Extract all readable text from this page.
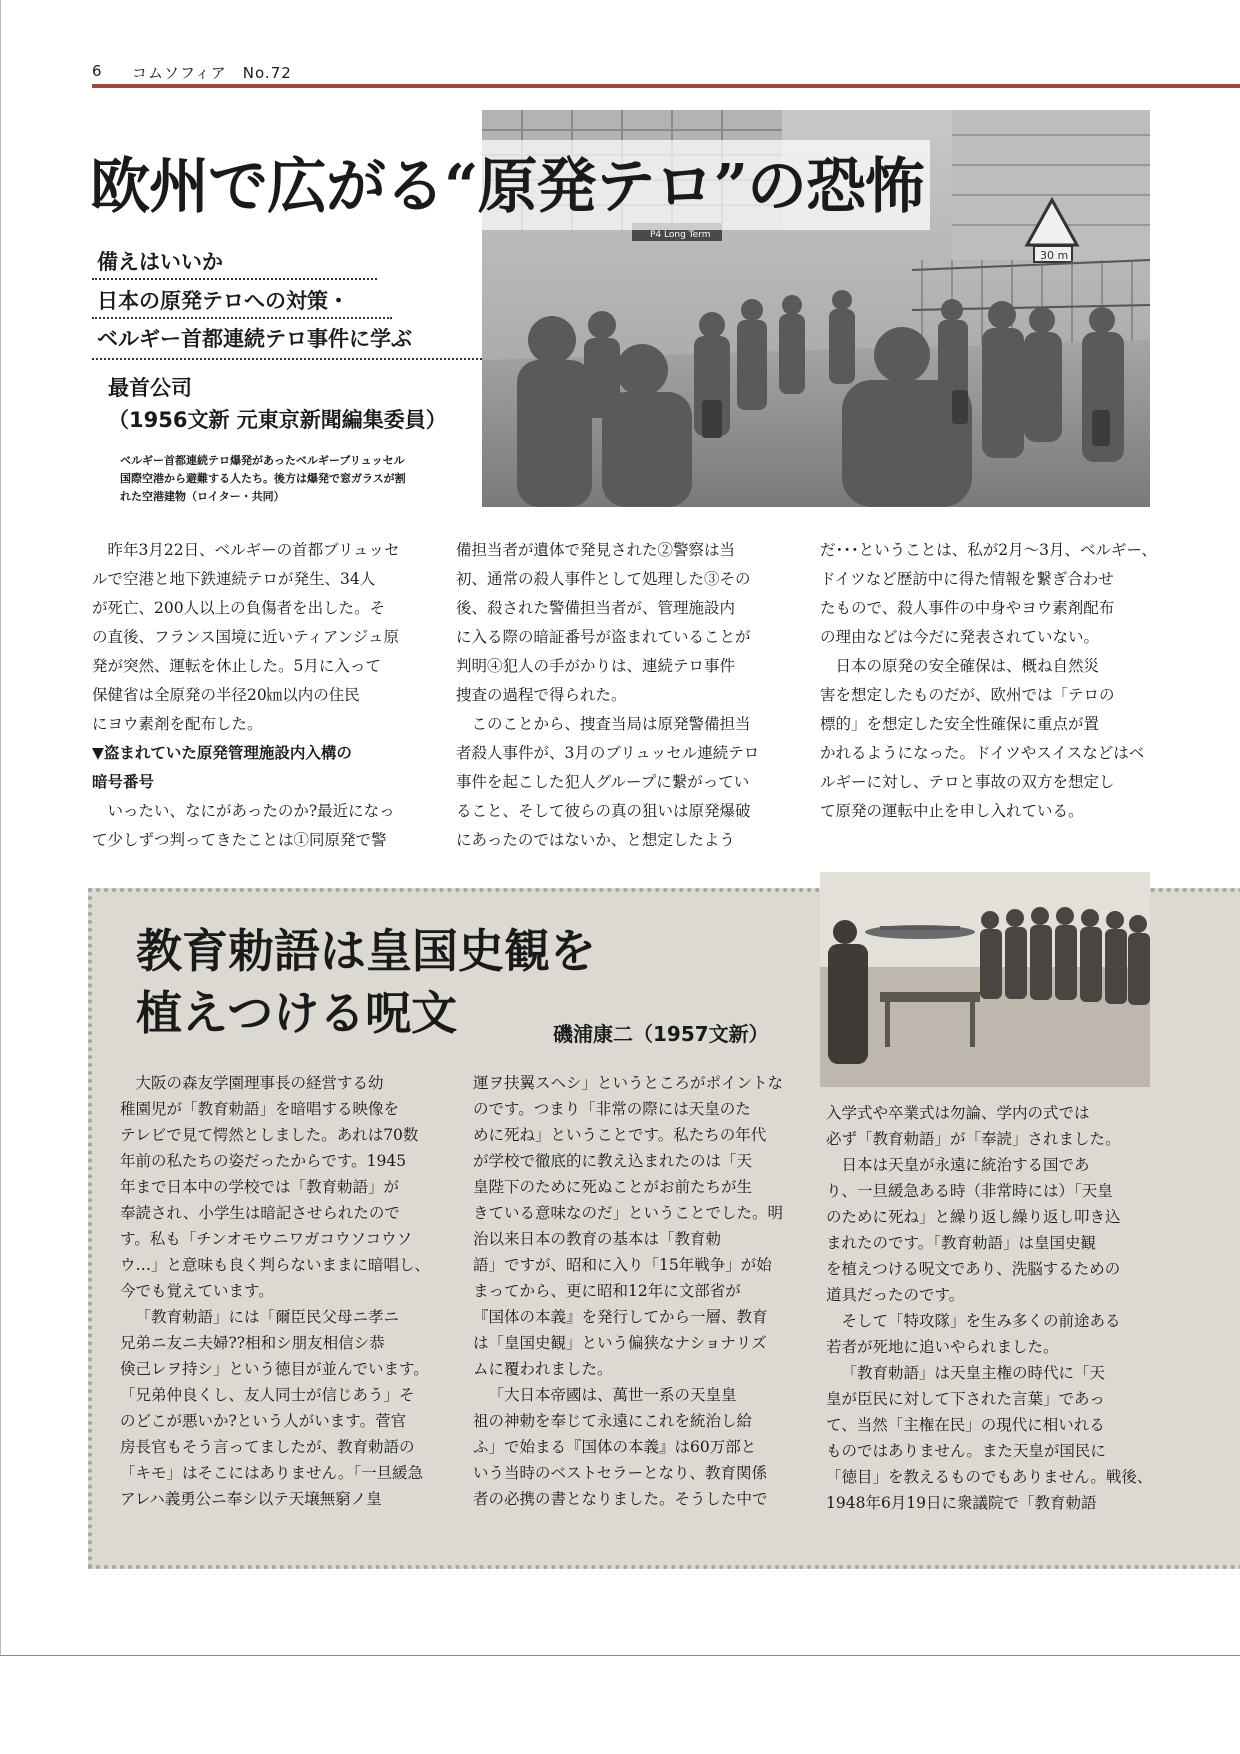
6 コムソフィア　No.72
P4 Long Term
30 m
欧州で広がる“原発テロ”の恐怖
備えはいいか
日本の原発テロへの対策・
ベルギー首都連続テロ事件に学ぶ
最首公司
（1956文新 元東京新聞編集委員）
ベルギー首都連続テロ爆発があったベルギーブリュッセル
国際空港から避難する人たち。後方は爆発で窓ガラスが割
れた空港建物（ロイター・共同）

昨年3月22日、ベルギーの首都ブリュッセ

ルで空港と地下鉄連続テロが発生、34人

が死亡、200人以上の負傷者を出した。そ

の直後、フランス国境に近いティアンジュ原

発が突然、運転を休止した。5月に入って

保健省は全原発の半径20㎞以内の住民

にヨウ素剤を配布した。

▼盗まれていた原発管理施設内入構の

暗号番号

いったい、なにがあったのか?最近になっ

て少しずつ判ってきたことは①同原発で警

備担当者が遺体で発見された②警察は当

初、通常の殺人事件として処理した③その

後、殺された警備担当者が、管理施設内

に入る際の暗証番号が盗まれていることが

判明④犯人の手がかりは、連続テロ事件

捜査の過程で得られた。

このことから、捜査当局は原発警備担当

者殺人事件が、3月のブリュッセル連続テロ

事件を起こした犯人グループに繋がってい

ること、そして彼らの真の狙いは原発爆破

にあったのではないか、と想定したよう

だ･･･ということは、私が2月～3月、ベルギー、

ドイツなど歴訪中に得た情報を繋ぎ合わせ

たもので、殺人事件の中身やヨウ素剤配布

の理由などは今だに発表されていない。

日本の原発の安全確保は、概ね自然災

害を想定したものだが、欧州では「テロの

標的」を想定した安全性確保に重点が置

かれるようになった。ドイツやスイスなどはベ

ルギーに対し、テロと事故の双方を想定し

て原発の運転中止を申し入れている。

教育勅語は皇国史観を
植えつける呪文	磯浦康二（1957文新）

大阪の森友学園理事長の経営する幼

稚園児が「教育勅語」を暗唱する映像を

テレビで見て愕然としました。あれは70数

年前の私たちの姿だったからです。1945

年まで日本中の学校では「教育勅語」が

奉読され、小学生は暗記させられたので

す。私も「チンオモウニワガコウソコウソ

ウ…」と意味も良く判らないままに暗唱し、

今でも覚えています。

「教育勅語」には「爾臣民父母ニ孝ニ

兄弟ニ友ニ夫婦??相和シ朋友相信シ恭

倹己レヲ持シ」という徳目が並んでいます。

「兄弟仲良くし、友人同士が信じあう」そ

のどこが悪いか?という人がいます。菅官

房長官もそう言ってましたが、教育勅語の

「キモ」はそこにはありません。「一旦緩急

アレハ義勇公ニ奉シ以テ天壌無窮ノ皇

運ヲ扶翼スヘシ」というところがポイントな

のです。つまり「非常の際には天皇のた

めに死ね」ということです。私たちの年代

が学校で徹底的に教え込まれたのは「天

皇陛下のために死ぬことがお前たちが生

きている意味なのだ」ということでした。明

治以来日本の教育の基本は「教育勅

語」ですが、昭和に入り「15年戦争」が始

まってから、更に昭和12年に文部省が

『国体の本義』を発行してから一層、教育

は「皇国史観」という偏狭なナショナリズ

ムに覆われました。

「大日本帝國は、萬世一系の天皇皇

祖の神勅を奉じて永遠にこれを統治し給

ふ」で始まる『国体の本義』は60万部と

いう当時のベストセラーとなり、教育関係

者の必携の書となりました。そうした中で

入学式や卒業式は勿論、学内の式では

必ず「教育勅語」が「奉読」されました。

日本は天皇が永遠に統治する国であ

り、一旦緩急ある時（非常時には）「天皇

のために死ね」と繰り返し繰り返し叩き込

まれたのです。「教育勅語」は皇国史観

を植えつける呪文であり、洗脳するための

道具だったのです。

そして「特攻隊」を生み多くの前途ある

若者が死地に追いやられました。

「教育勅語」は天皇主権の時代に「天

皇が臣民に対して下された言葉」であっ

て、当然「主権在民」の現代に相いれる

ものではありません。また天皇が国民に

「徳目」を教えるものでもありません。戦後、

1948年6月19日に衆議院で「教育勅語
